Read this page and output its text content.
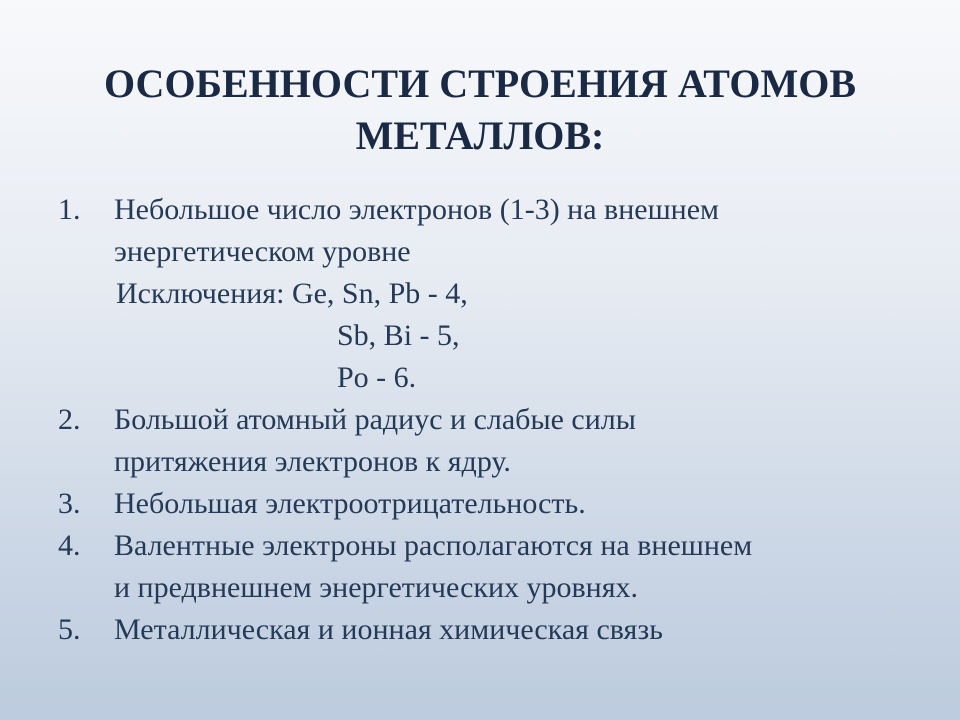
ОСОБЕННОСТИ СТРОЕНИЯ АТОМОВ
МЕТАЛЛОВ:
1. Небольшое число электронов (1-3) на внешнем
энергетическом уровне
Исключения: Ge, Sn, Pb - 4,
Sb, Bi - 5,
Po - 6.
2. Большой атомный радиус и слабые силы
притяжения электронов к ядру.
3. Небольшая электроотрицательность.
4. Валентные электроны располагаются на внешнем
и предвнешнем энергетических уровнях.
5. Металлическая и ионная химическая связь
